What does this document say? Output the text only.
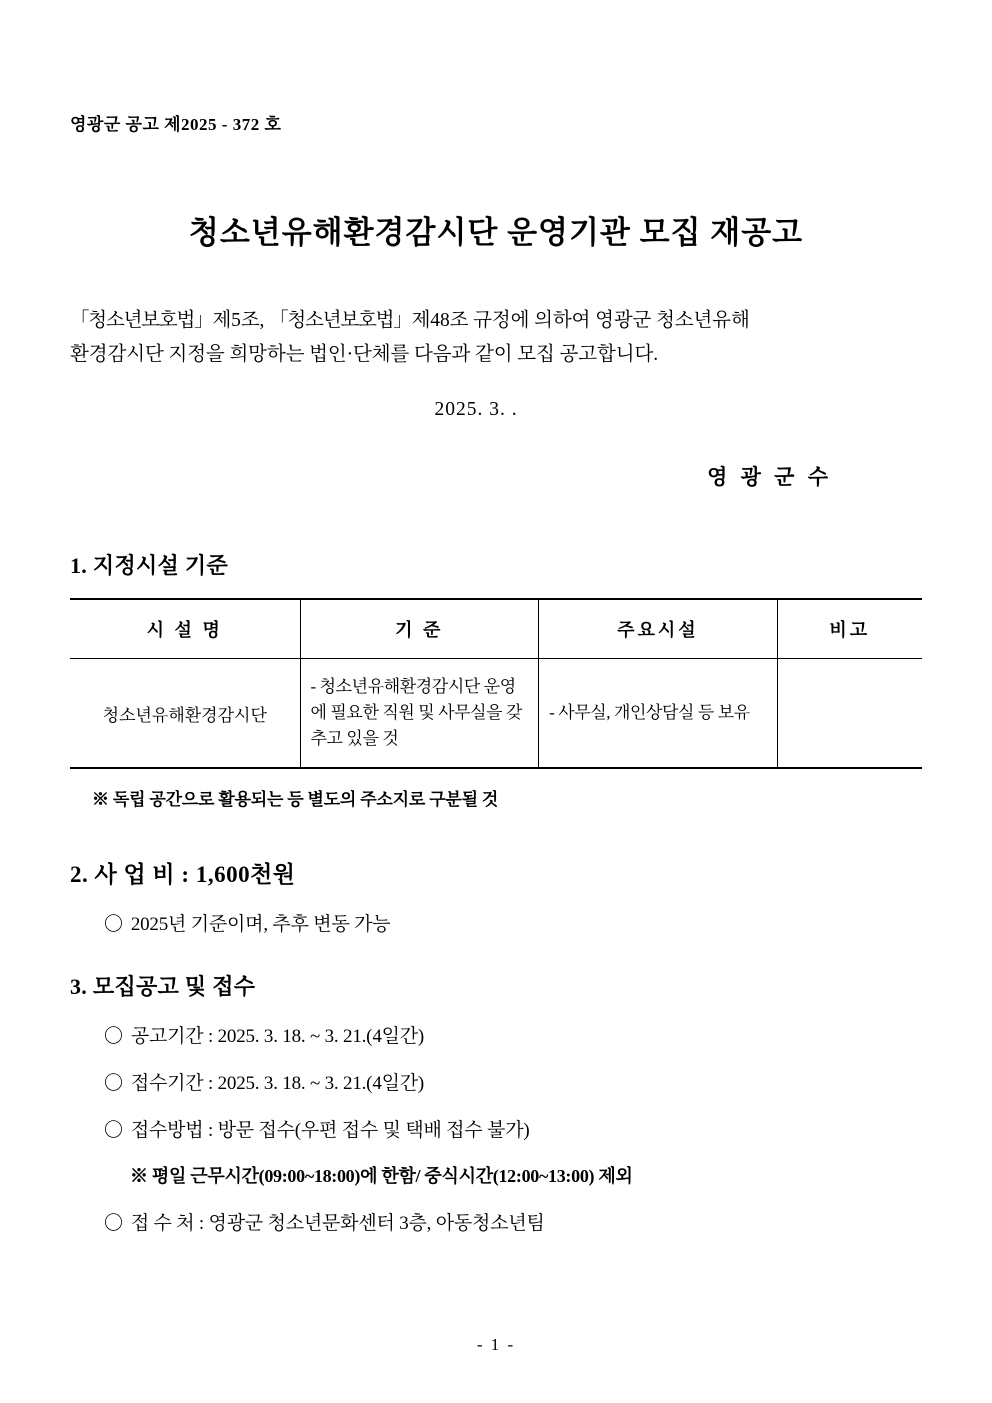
영광군 공고 제2025 - 372 호
청소년유해환경감시단 운영기관 모집 재공고

「청소년보호법」제5조, 「청소년보호법」제48조 규정에 의하여 영광군 청소년유해
환경감시단 지정을 희망하는 법인·단체를 다음과 같이 모집 공고합니다.

2025. 3. .
영 광 군 수
1. 지정시설 기준
시 설 명	기 준	주요시설	비고
청소년유해환경감시단	- 청소년유해환경감시단 운영에 필요한 직원 및 사무실을 갖추고 있을 것	- 사무실, 개인상담실 등 보유	
※ 독립 공간으로 활용되는 등 별도의 주소지로 구분될 것
2. 사 업 비 : 1,600천원
〇 2025년 기준이며, 추후 변동 가능
3. 모집공고 및 접수
〇 공고기간 : 2025. 3. 18. ~ 3. 21.(4일간)
〇 접수기간 : 2025. 3. 18. ~ 3. 21.(4일간)
〇 접수방법 : 방문 접수(우편 접수 및 택배 접수 불가)
※ 평일 근무시간(09:00~18:00)에 한함/ 중식시간(12:00~13:00) 제외
〇 접 수 처 : 영광군 청소년문화센터 3층, 아동청소년팀
- 1 -
